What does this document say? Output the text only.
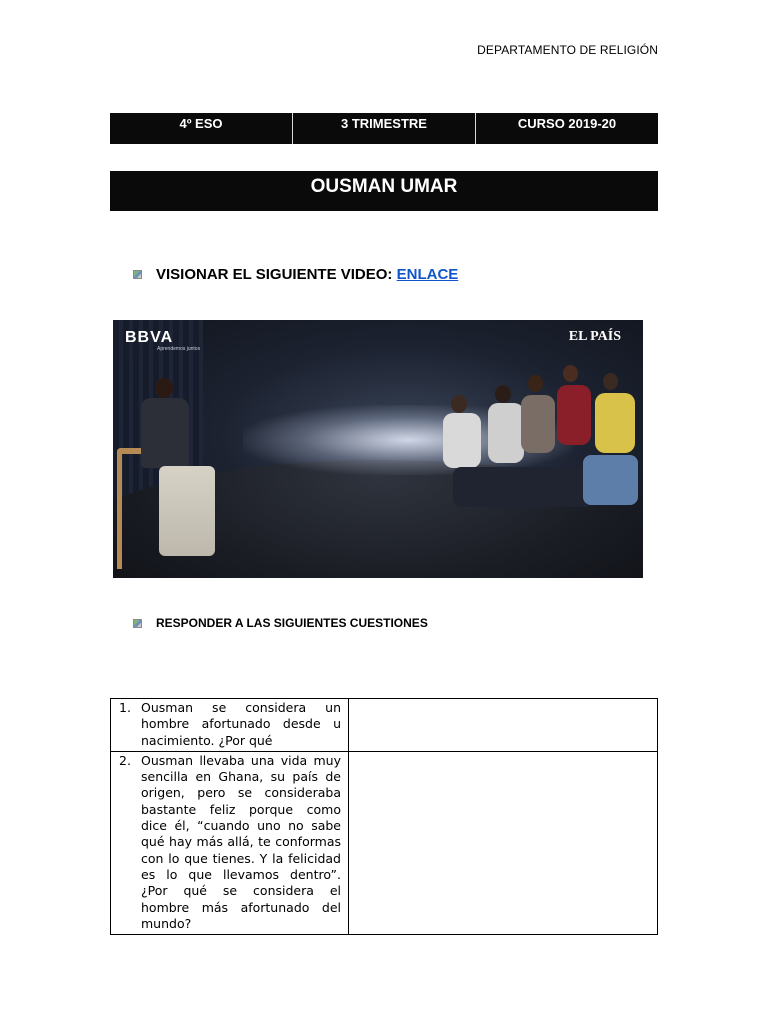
DEPARTAMENTO DE RELIGIÓN
4º ESO	3 TRIMESTRE	CURSO 2019-20
OUSMAN UMAR
VISIONAR EL SIGUIENTE VIDEO:
ENLACE
BBVA
Aprendemos juntos
EL PAÍS
RESPONDER A LAS SIGUIENTES CUESTIONES
1. Ousman se considera un hombre afortunado desde u nacimiento. ¿Por qué	

2. Ousman llevaba una vida muy sencilla en Ghana, su país de origen, pero se consideraba bastante feliz porque como dice él, “cuando uno no sabe qué hay más allá, te conformas con lo que tienes. Y la felicidad es lo que llevamos dentro”. ¿Por qué se considera el hombre más afortunado del mundo?	
